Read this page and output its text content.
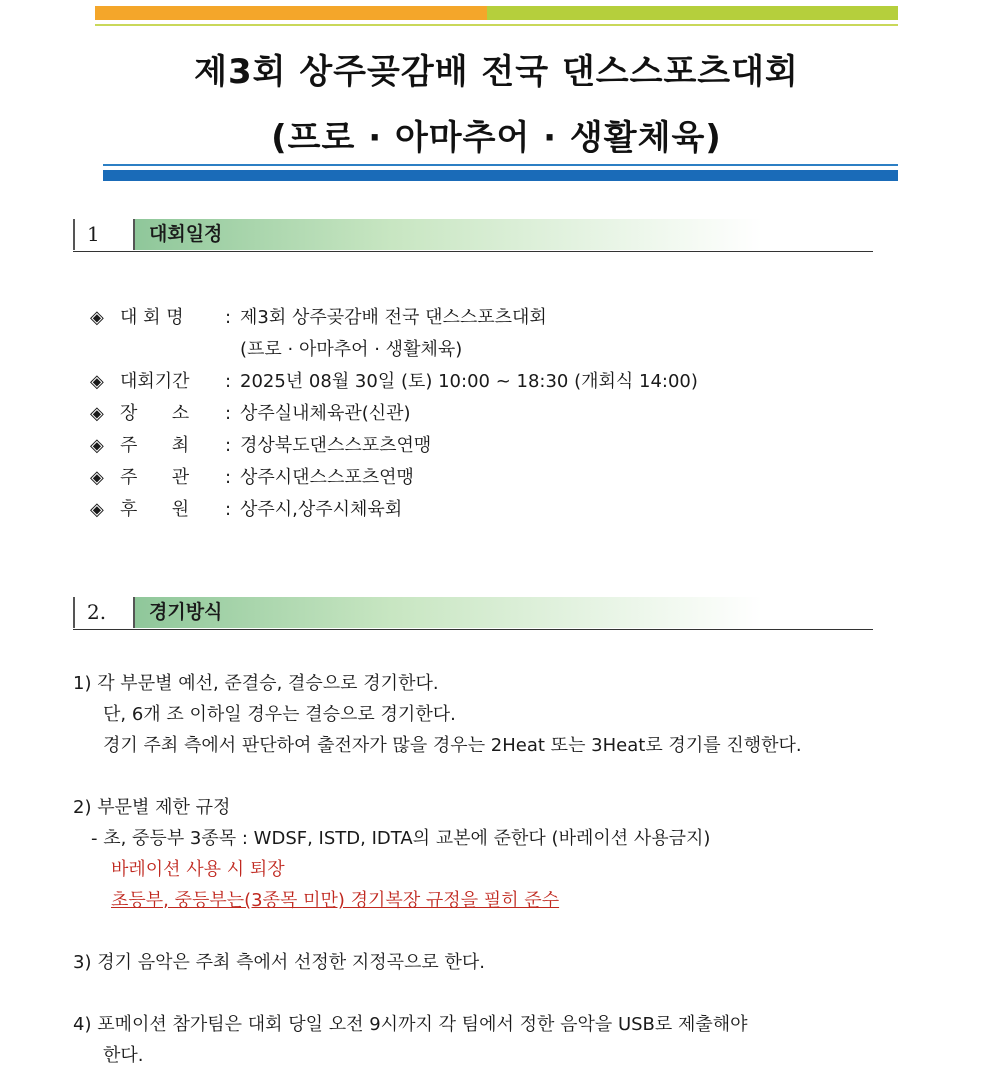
제3회 상주곶감배 전국 댄스스포츠대회
(프로 · 아마추어 · 생활체육)
1	대회일정
◈ 대 회 명	: 제3회 상주곶감배 전국 댄스스포츠대회
(프로 · 아마추어 · 생활체육)
◈ 대회기간	: 2025년 08월 30일 (토) 10:00 ~ 18:30 (개회식 14:00)
◈ 장      소	: 상주실내체육관(신관)
◈ 주      최	: 경상북도댄스스포츠연맹
◈ 주      관	: 상주시댄스스포츠연맹
◈ 후      원	: 상주시,상주시체육회
2.	경기방식

1) 각 부문별 예선, 준결승, 결승으로 경기한다.

단, 6개 조 이하일 경우는 결승으로 경기한다.

경기 주최 측에서 판단하여 출전자가 많을 경우는 2Heat 또는 3Heat로 경기를 진행한다.

2) 부문별 제한 규정

- 초, 중등부 3종목 : WDSF, ISTD, IDTA의 교본에 준한다 (바레이션 사용금지)

바레이션 사용 시 퇴장

초등부, 중등부는(3종목 미만) 경기복장 규정을 필히 준수

3) 경기 음악은 주최 측에서 선정한 지정곡으로 한다.

4) 포메이션 참가팀은 대회 당일 오전 9시까지 각 팀에서 정한 음악을 USB로 제출해야

한다.
